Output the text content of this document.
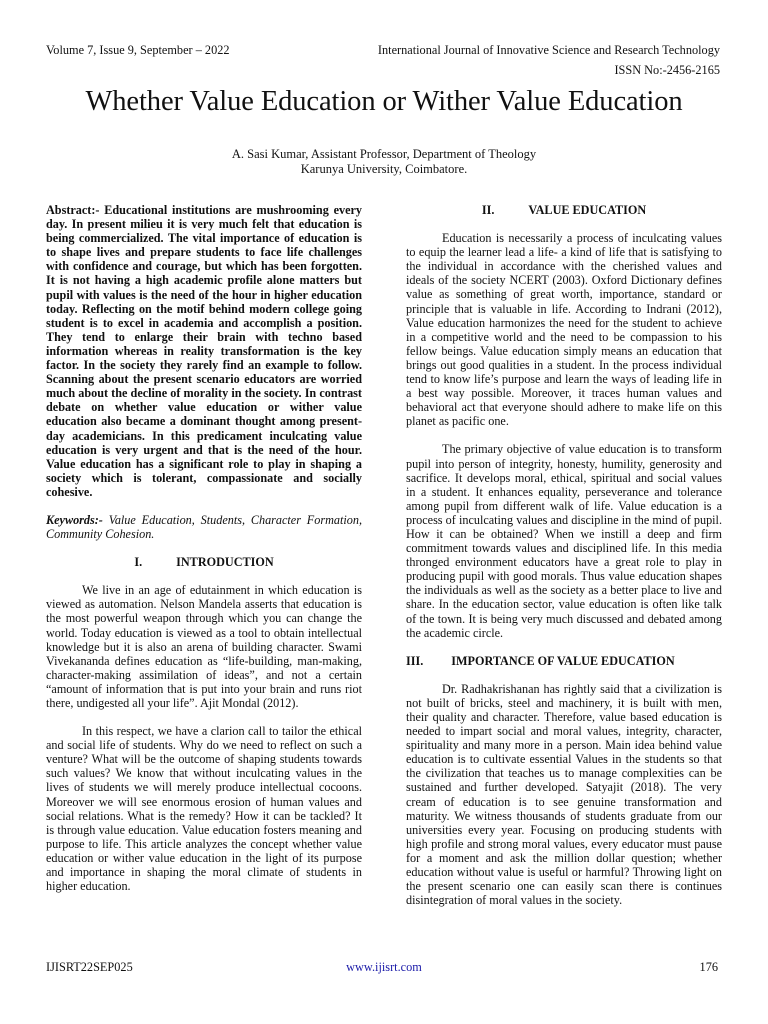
Volume 7, Issue 9, September – 2022	International Journal of Innovative Science and Research Technology
ISSN No:-2456-2165
Whether Value Education or Wither Value Education
A. Sasi Kumar, Assistant Professor, Department of Theology
Karunya University, Coimbatore.

Abstract:- Educational institutions are mushrooming every day. In present milieu it is very much felt that education is being commercialized. The vital importance of education is to shape lives and prepare students to face life challenges with confidence and courage, but which has been forgotten. It is not having a high academic profile alone matters but pupil with values is the need of the hour in higher education today. Reflecting on the motif behind modern college going student is to excel in academia and accomplish a position. They tend to enlarge their brain with techno based information whereas in reality transformation is the key factor. In the society they rarely find an example to follow. Scanning about the present scenario educators are worried much about the decline of morality in the society. In contrast debate on whether value education or wither value education also became a dominant thought among present-day academicians. In this predicament inculcating value education is very urgent and that is the need of the hour. Value education has a significant role to play in shaping a society which is tolerant, compassionate and socially cohesive.

Keywords:- Value Education, Students, Character Formation, Community Cohesion.

I.	INTRODUCTION

We live in an age of edutainment in which education is viewed as automation. Nelson Mandela asserts that education is the most powerful weapon through which you can change the world. Today education is viewed as a tool to obtain intellectual knowledge but it is also an arena of building character. Swami Vivekananda defines education as “life-building, man-making, character-making assimilation of ideas”, and not a certain “amount of information that is put into your brain and runs riot there, undigested all your life”. Ajit Mondal (2012).

In this respect, we have a clarion call to tailor the ethical and social life of students. Why do we need to reflect on such a venture? What will be the outcome of shaping students towards such values? We know that without inculcating values in the lives of students we will merely produce intellectual cocoons. Moreover we will see enormous erosion of human values and social relations. What is the remedy? How it can be tackled? It is through value education. Value education fosters meaning and purpose to life. This article analyzes the concept whether value education or wither value education in the light of its purpose and importance in shaping the moral climate of students in higher education.

II.	VALUE EDUCATION

Education is necessarily a process of inculcating values to equip the learner lead a life- a kind of life that is satisfying to the individual in accordance with the cherished values and ideals of the society NCERT (2003). Oxford Dictionary defines value as something of great worth, importance, standard or principle that is valuable in life. According to Indrani (2012), Value education harmonizes the need for the student to achieve in a competitive world and the need to be compassion to his fellow beings. Value education simply means an education that brings out good qualities in a student. In the process individual tend to know life’s purpose and learn the ways of leading life in a best way possible. Moreover, it traces human values and behavioral act that everyone should adhere to make life on this planet as pacific one.

The primary objective of value education is to transform pupil into person of integrity, honesty, humility, generosity and sacrifice. It develops moral, ethical, spiritual and social values in a student. It enhances equality, perseverance and tolerance among pupil from different walk of life. Value education is a process of inculcating values and discipline in the mind of pupil. How it can be obtained? When we instill a deep and firm commitment towards values and disciplined life. In this media thronged environment educators have a great role to play in producing pupil with good morals. Thus value education shapes the individuals as well as the society as a better place to live and share. In the education sector, value education is often like talk of the town. It is being very much discussed and debated among the academic circle.

III. IMPORTANCE OF VALUE EDUCATION

Dr. Radhakrishanan has rightly said that a civilization is not built of bricks, steel and machinery, it is built with men, their quality and character. Therefore, value based education is needed to impart social and moral values, integrity, character, spirituality and many more in a person. Main idea behind value education is to cultivate essential Values in the students so that the civilization that teaches us to manage complexities can be sustained and further developed. Satyajit (2018). The very cream of education is to see genuine transformation and maturity. We witness thousands of students graduate from our universities every year. Focusing on producing students with high profile and strong moral values, every educator must pause for a moment and ask the million dollar question; whether education without value is useful or harmful? Throwing light on the present scenario one can easily scan there is continues disintegration of moral values in the society.

IJISRT22SEP025	www.ijisrt.com	176
